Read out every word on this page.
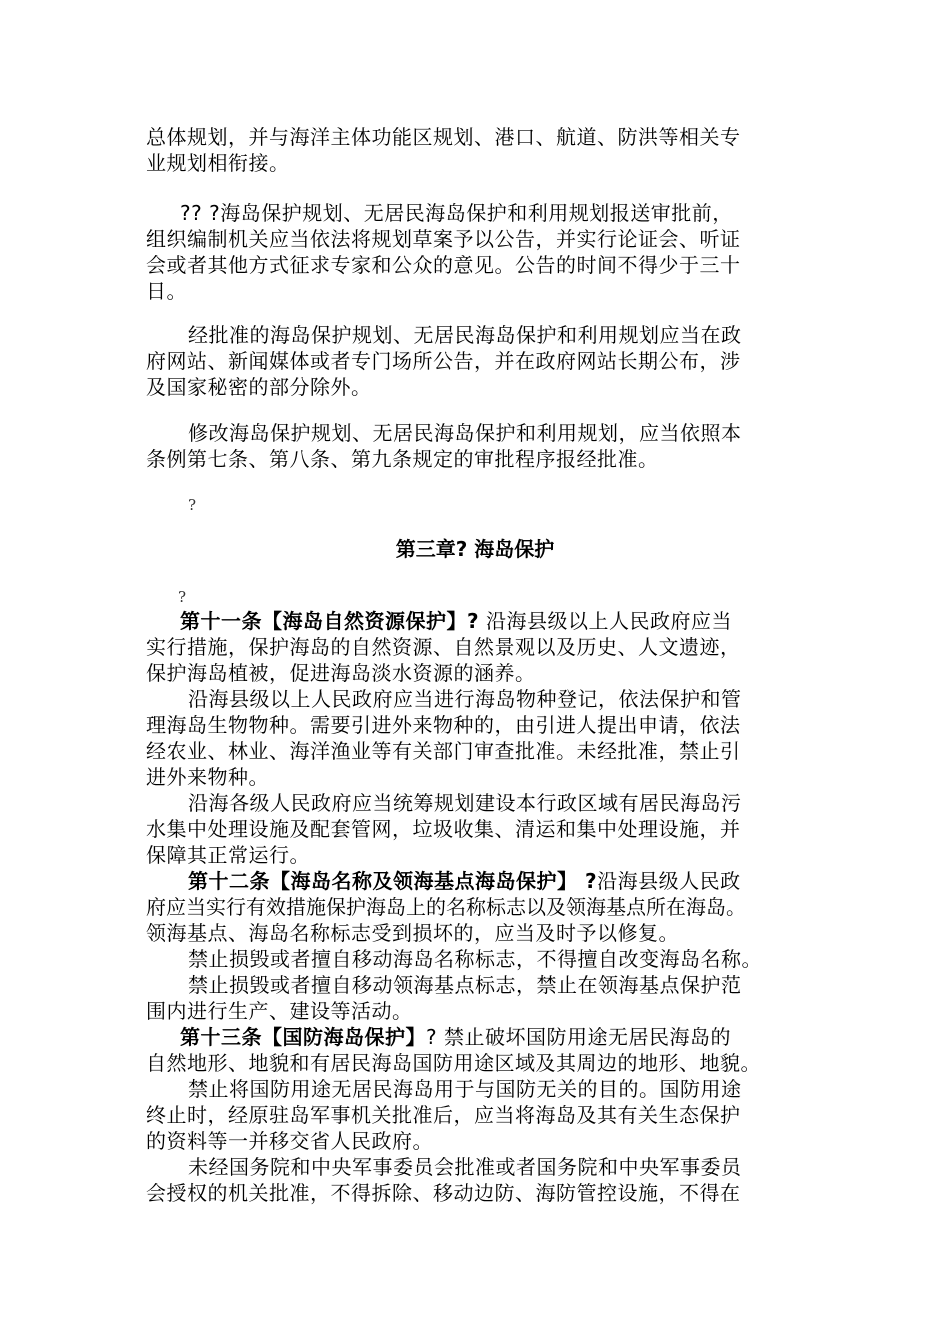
总体规划，并与海洋主体功能区规划、港口、航道、防洪等相关专
业规划相衔接。
?? ?海岛保护规划、无居民海岛保护和利用规划报送审批前，
组织编制机关应当依法将规划草案予以公告，并实行论证会、听证
会或者其他方式征求专家和公众的意见。公告的时间不得少于三十
日。
经批准的海岛保护规划、无居民海岛保护和利用规划应当在政
府网站、新闻媒体或者专门场所公告，并在政府网站长期公布，涉
及国家秘密的部分除外。
修改海岛保护规划、无居民海岛保护和利用规划，应当依照本
条例第七条、第八条、第九条规定的审批程序报经批准。
?
第三章? 海岛保护
?
第十一条【海岛自然资源保护】? 沿海县级以上人民政府应当
实行措施，保护海岛的自然资源、自然景观以及历史、人文遗迹，
保护海岛植被，促进海岛淡水资源的涵养。
沿海县级以上人民政府应当进行海岛物种登记，依法保护和管
理海岛生物物种。需要引进外来物种的，由引进人提出申请，依法
经农业、林业、海洋渔业等有关部门审查批准。未经批准，禁止引
进外来物种。
沿海各级人民政府应当统筹规划建设本行政区域有居民海岛污
水集中处理设施及配套管网，垃圾收集、清运和集中处理设施，并
保障其正常运行。
第十二条【海岛名称及领海基点海岛保护】 ?沿海县级人民政
府应当实行有效措施保护海岛上的名称标志以及领海基点所在海岛。
领海基点、海岛名称标志受到损坏的，应当及时予以修复。
禁止损毁或者擅自移动海岛名称标志，不得擅自改变海岛名称。
禁止损毁或者擅自移动领海基点标志，禁止在领海基点保护范
围内进行生产、建设等活动。
第十三条【国防海岛保护】? 禁止破坏国防用途无居民海岛的
自然地形、地貌和有居民海岛国防用途区域及其周边的地形、地貌。
禁止将国防用途无居民海岛用于与国防无关的目的。国防用途
终止时，经原驻岛军事机关批准后，应当将海岛及其有关生态保护
的资料等一并移交省人民政府。
未经国务院和中央军事委员会批准或者国务院和中央军事委员
会授权的机关批准，不得拆除、移动边防、海防管控设施，不得在
